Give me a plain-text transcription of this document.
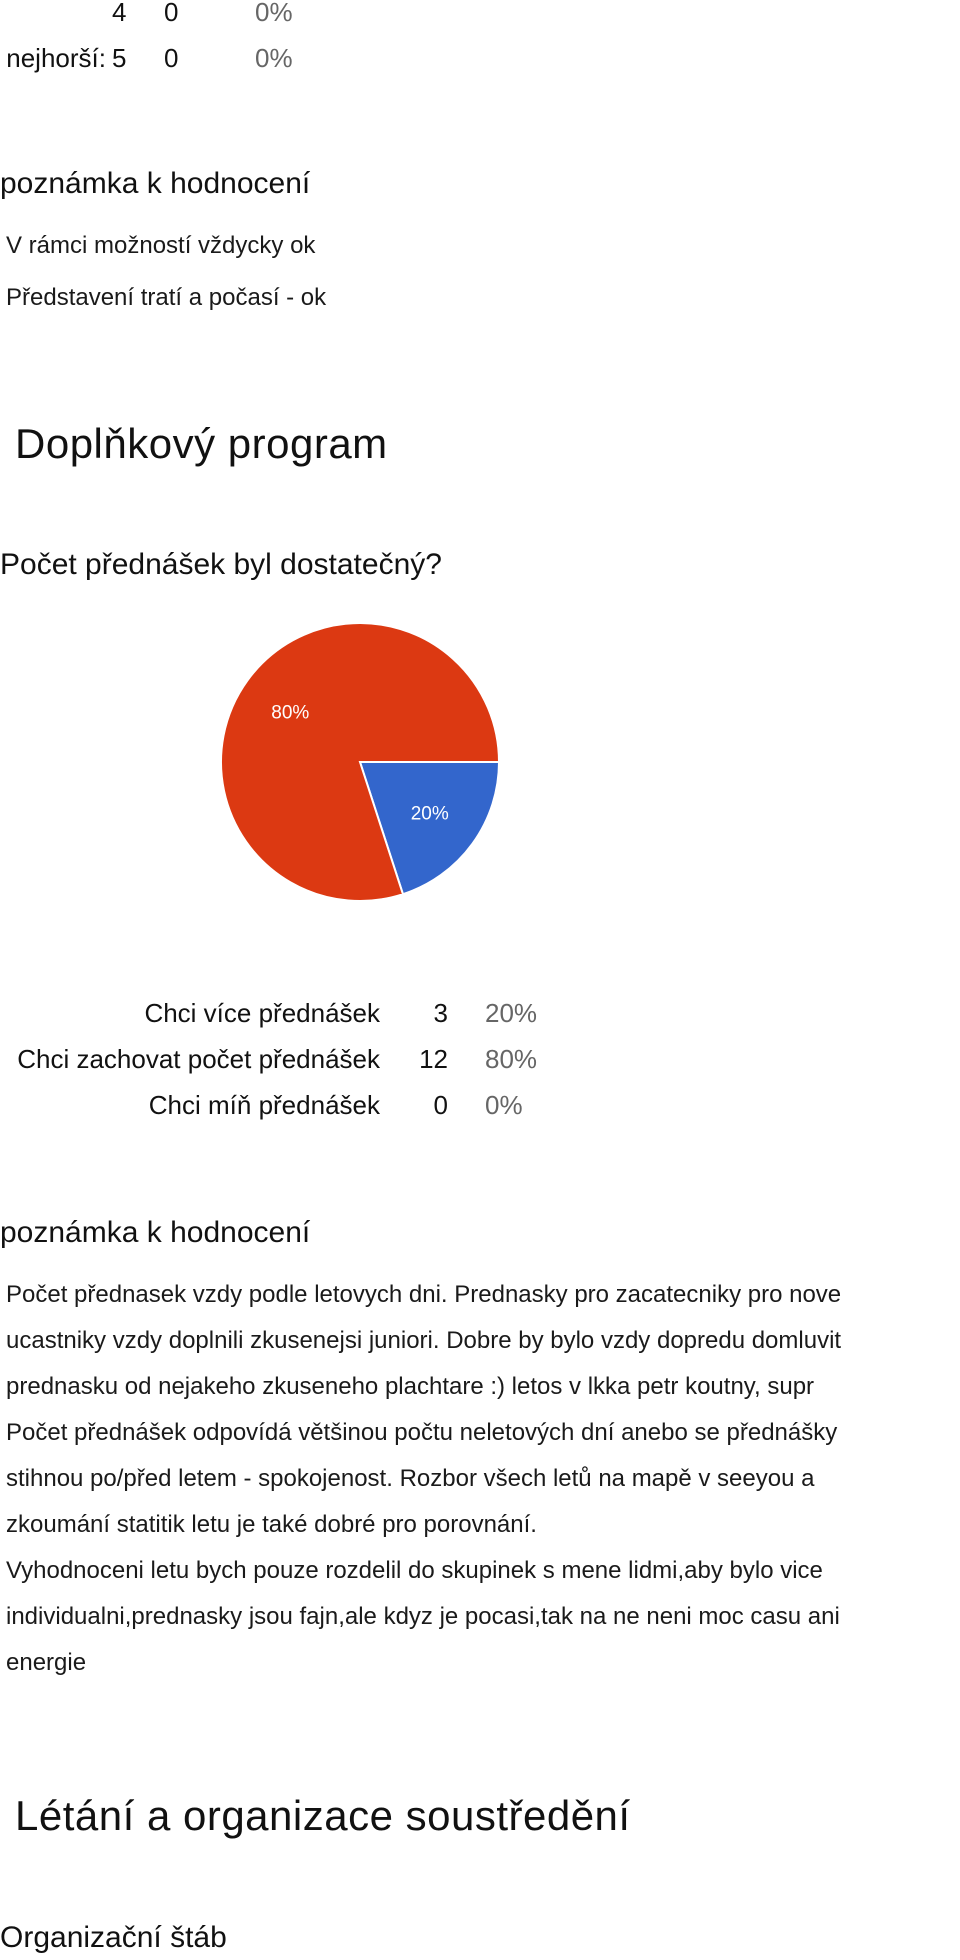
4 0	0%
nejhorší: 5 0	0%
poznámka k hodnocení
V rámci možností vždycky ok
Představení tratí a počasí - ok
Doplňkový program
Počet přednášek byl dostatečný?
20%
80%
Chci více přednášek	3 20%
Chci zachovat počet přednášek	12 80%
Chci míň přednášek	0 0%
poznámka k hodnocení
Počet přednasek vzdy podle letovych dni. Prednasky pro zacatecniky pro nove
ucastniky vzdy doplnili zkusenejsi juniori. Dobre by bylo vzdy dopredu domluvit
prednasku od nejakeho zkuseneho plachtare :) letos v lkka petr koutny, supr
Počet přednášek odpovídá většinou počtu neletových dní anebo se přednášky
stihnou po/před letem - spokojenost. Rozbor všech letů na mapě v seeyou a
zkoumání statitik letu je také dobré pro porovnání.
Vyhodnoceni letu bych pouze rozdelil do skupinek s mene lidmi,aby bylo vice
individualni,prednasky jsou fajn,ale kdyz je pocasi,tak na ne neni moc casu ani
energie
Létání a organizace soustředění
Organizační štáb
